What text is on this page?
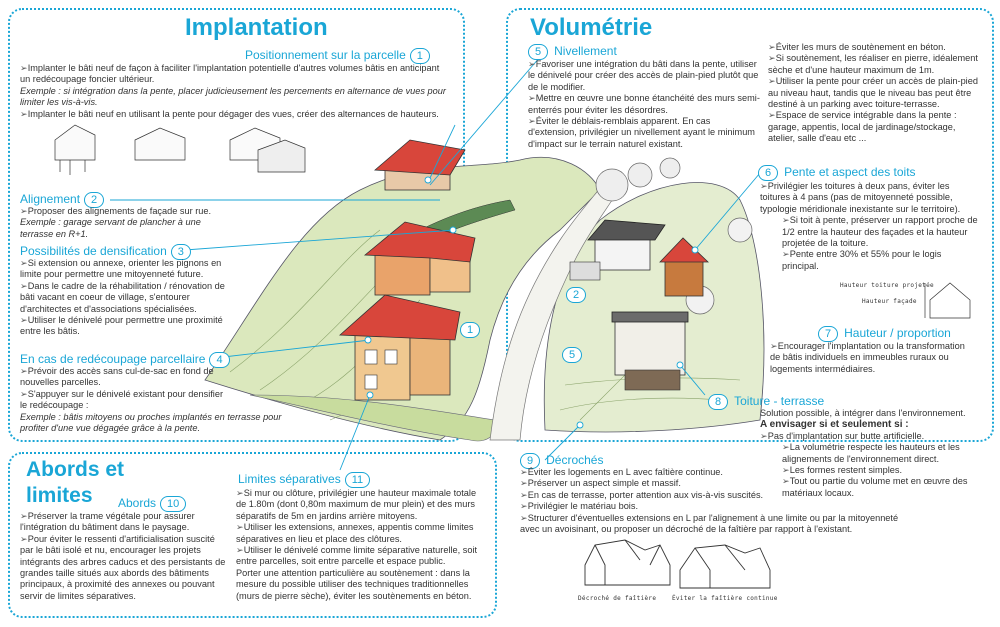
1
2
5
Implantation
Positionnement sur la parcelle 1
➢ Implanter le bâti neuf de façon à faciliter l'implantation potentielle d'autres volumes bâtis en anticipant un redécoupage foncier ultérieur.
Exemple : si intégration dans la pente, placer judicieusement les percements en alternance de vues pour limiter les vis-à-vis.
➢ Implanter le bâti neuf en utilisant la pente pour dégager des vues, créer des alternances de hauteurs.
Alignement 2
➢ Proposer des alignements de façade sur rue.
Exemple : garage servant de plancher à une terrasse en R+1.
Possibilités de densification 3
➢ Si extension ou annexe, orienter les pignons en limite pour permettre une mitoyenneté future.
➢ Dans le cadre de la réhabilitation / rénovation de bâti vacant en coeur de village, s'entourer d'architectes et d'associations spécialisées.
➢ Utiliser le dénivelé pour permettre une proximité entre les bâtis.
En cas de redécoupage parcellaire 4
➢ Prévoir des accès sans cul-de-sac en fond de nouvelles parcelles.
➢ S'appuyer sur le dénivelé existant pour densifier le redécoupage :
Exemple : bâtis mitoyens ou proches implantés en terrasse pour profiter d'une vue dégagée grâce à la pente.
Volumétrie
5 Nivellement
➢ Favoriser une intégration du bâti dans la pente, utiliser le dénivelé pour créer des accès de plain-pied plutôt que de le modifier.
➢ Mettre en œuvre une bonne étanchéité des murs semi-enterrés pour éviter les désordres.
➢ Éviter le déblais-remblais apparent. En cas d'extension, privilégier un nivellement ayant le minimum d'impact sur le terrain naturel existant.
➢ Éviter les murs de soutènement en béton.
➢ Si soutènement, les réaliser en pierre, idéalement sèche et d'une hauteur maximum de 1m.
➢ Utiliser la pente pour créer un accès de plain-pied au niveau haut, tandis que le niveau bas peut être destiné à un parking avec toiture-terrasse.
➢ Espace de service intégrable dans la pente : garage, appentis, local de jardinage/stockage, atelier, salle d'eau etc ...
6 Pente et aspect des toits
➢ Privilégier les toitures à deux pans, éviter les toitures à 4 pans (pas de mitoyenneté possible, typologie méridionale inexistante sur le territoire).
➢ Si toit à pente, préserver un rapport proche de 1/2 entre la hauteur des façades et la hauteur projetée de la toiture.
➢ Pente entre 30% et 55% pour le logis principal.
Hauteur toiture projetée
Hauteur façade
7 Hauteur / proportion
➢ Encourager l'implantation ou la transformation de bâtis individuels en immeubles ruraux ou logements intermédiaires.
8 Toiture - terrasse
Solution possible, à intégrer dans l'environnement.
A envisager si et seulement si :
➢ Pas d'implantation sur butte artificielle.
➢ La volumétrie respecte les hauteurs et les alignements de l'environnement direct.
➢ Les formes restent simples.
➢ Tout ou partie du volume met en œuvre des matériaux locaux.
9 Décrochés
➢ Éviter les logements en L avec faîtière continue.
➢ Préserver un aspect simple et massif.
➢ En cas de terrasse, porter attention aux vis-à-vis suscités.
➢ Privilégier le matériau bois.
➢ Structurer d'éventuelles extensions en L par l'alignement à une limite ou par la mitoyenneté avec un avoisinant, ou proposer un décroché de la faîtière par rapport à l'existant.
Décroché de faîtière	Éviter la faîtière continue
Abords et
limites Abords 10
➢ Préserver la trame végétale pour assurer l'intégration du bâtiment dans le paysage.
➢ Pour éviter le ressenti d'artificialisation suscité par le bâti isolé et nu, encourager les projets intégrants des arbres caducs et des persistants de grandes taille situés aux abords des bâtiments principaux, à proximité des annexes ou pouvant servir de limites séparatives.
Limites séparatives 11
➢ Si mur ou clôture, privilégier une hauteur maximale totale de 1.80m (dont 0,80m maximum de mur plein) et des murs séparatifs de 5m en jardins arrière mitoyens.
➢ Utiliser les extensions, annexes, appentis comme limites séparatives en lieu et place des clôtures.
➢ Utiliser le dénivelé comme limite séparative naturelle, soit entre parcelles, soit entre parcelle et espace public.
Porter une attention particulière au soutènement : dans la mesure du possible utiliser des techniques traditionnelles (murs de pierre sèche), éviter les soutènements en béton.
